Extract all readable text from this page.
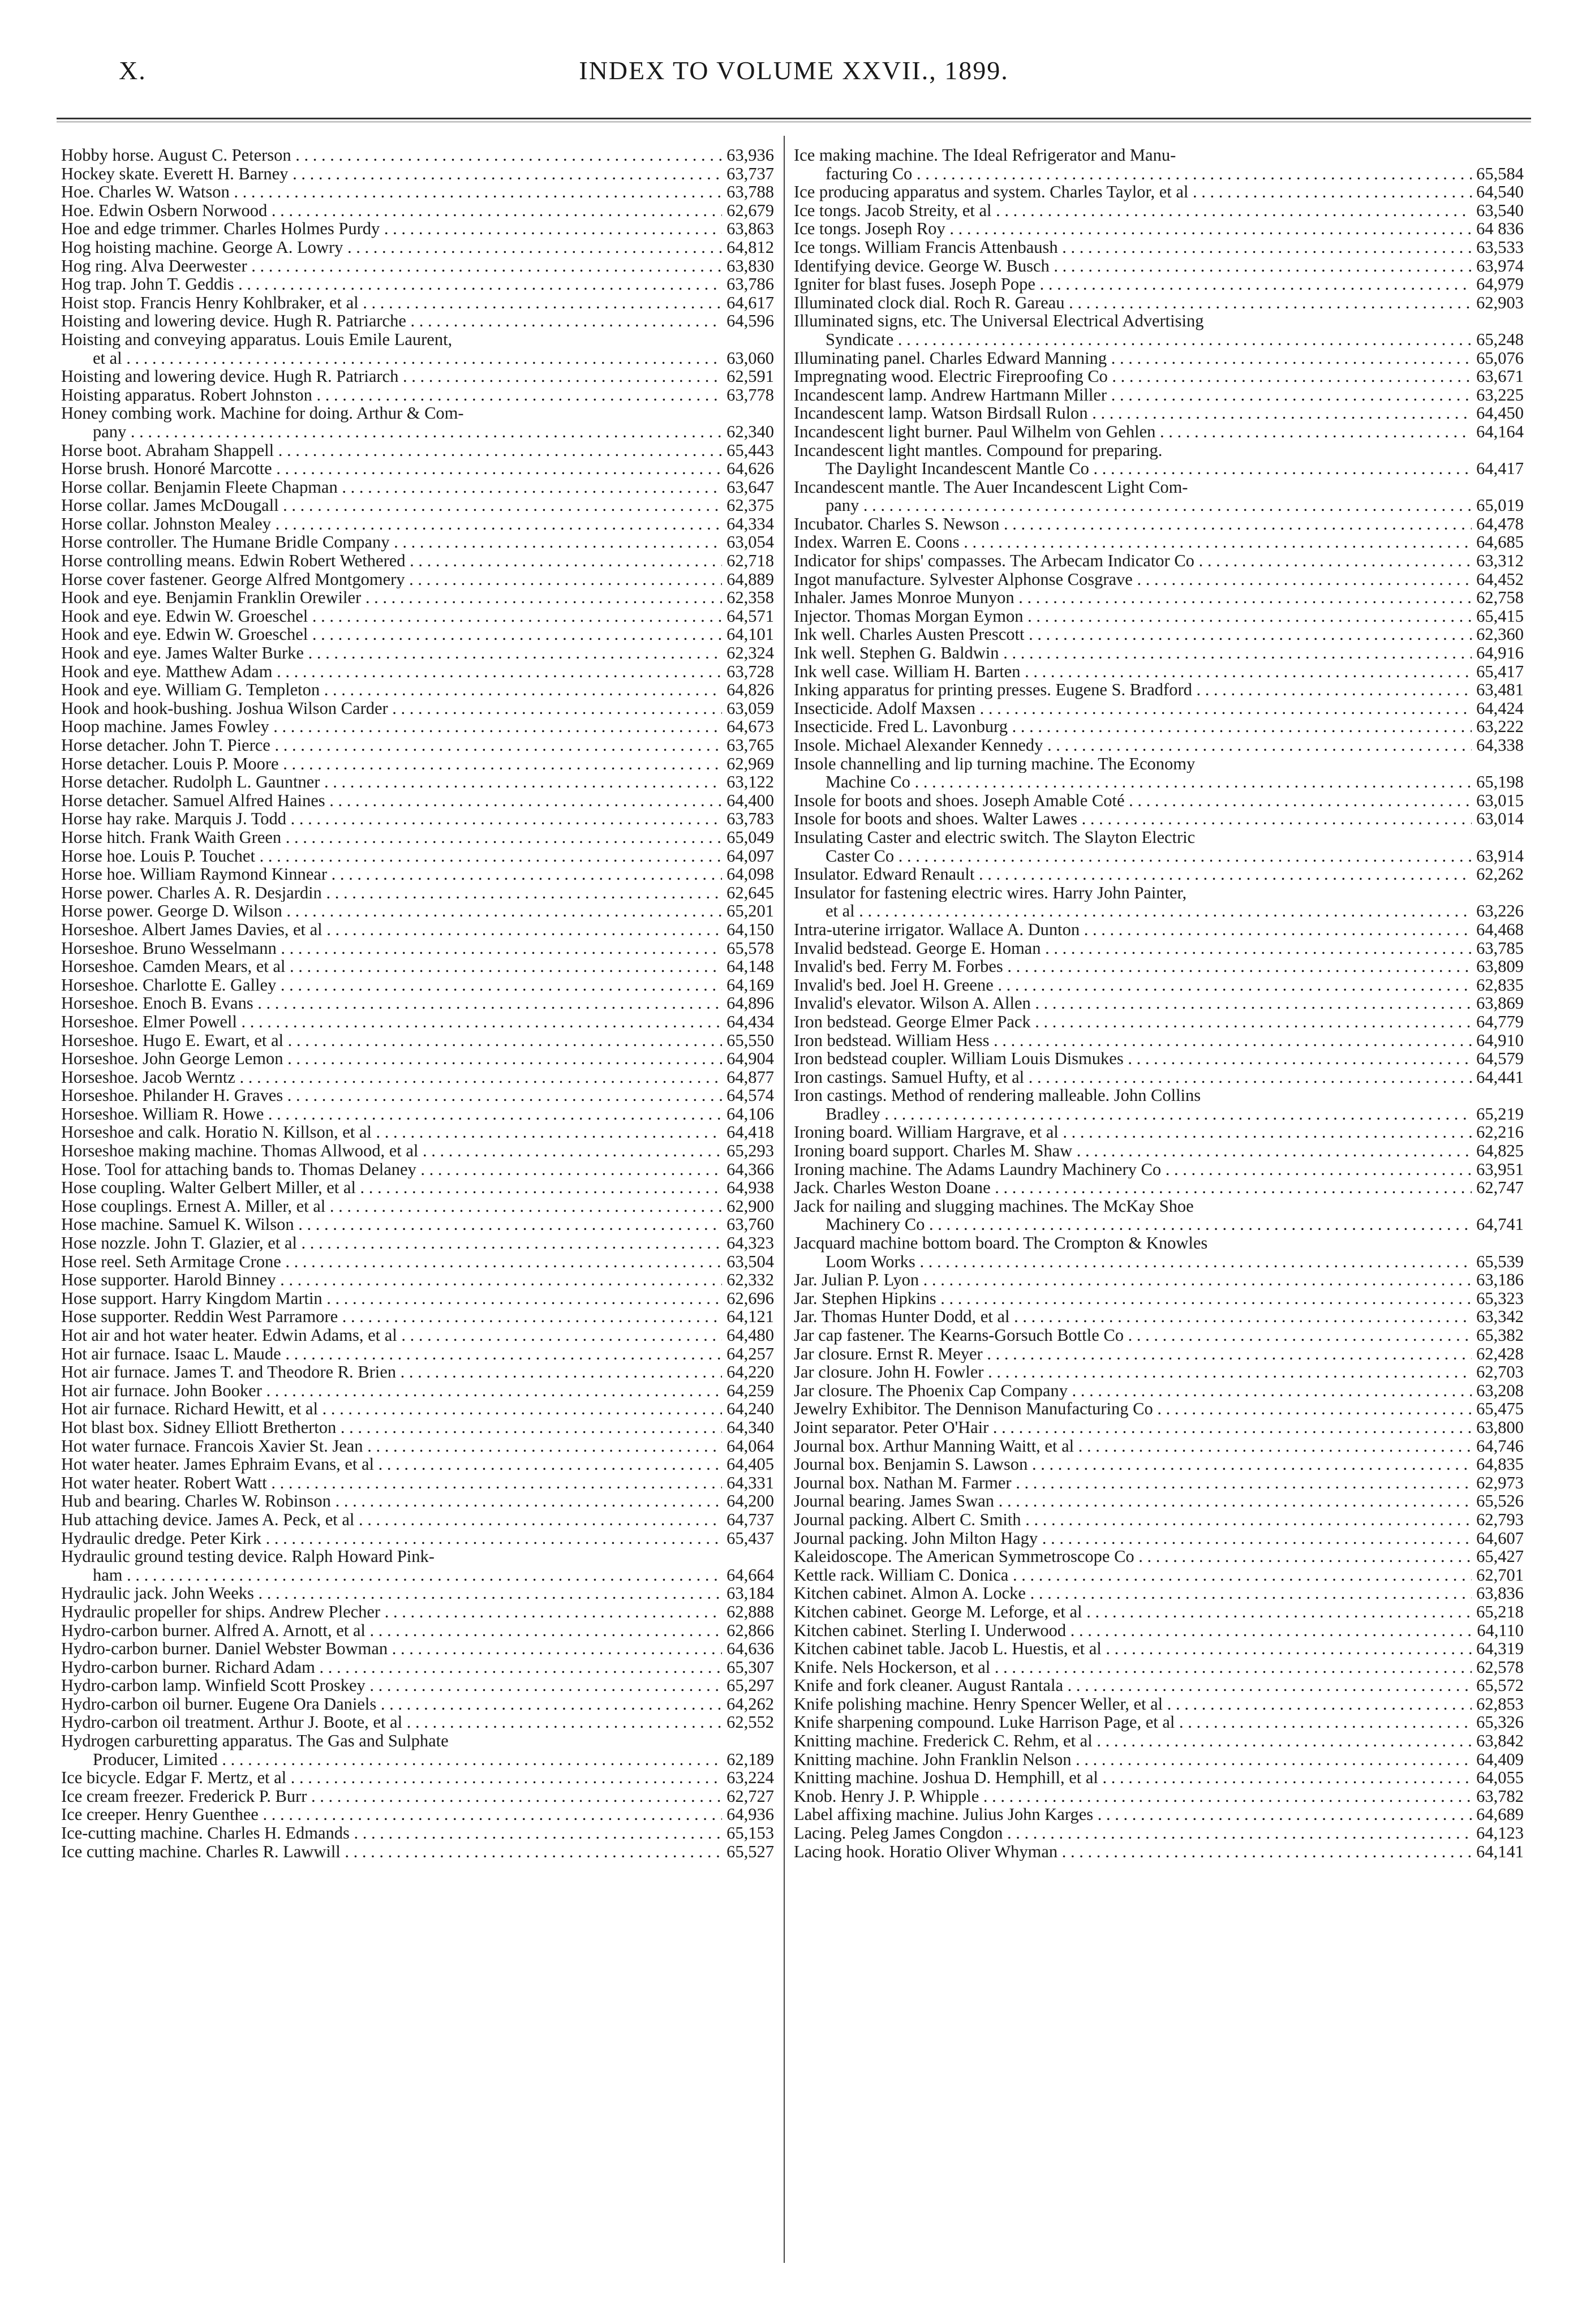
X.	INDEX TO VOLUME XXVII., 1899.
Hobby horse. August C. Peterson . . .	63,936
Hockey skate. Everett H. Barney . . .	63,737
Hoe. Charles W. Watson . . .	63,788
Hoe. Edwin Osbern Norwood . . .	62,679
Hoe and edge trimmer. Charles Holmes Purdy . . .	63,863
Hog hoisting machine. George A. Lowry . . .	64,812
Hog ring. Alva Deerwester . . .	63,830
Hog trap. John T. Geddis . . .	63,786
Hoist stop. Francis Henry Kohlbraker, et al . . .	64,617
Hoisting and lowering device. Hugh R. Patriarche . . .	64,596
Hoisting and conveying apparatus. Louis Emile Laurent,
et al . . .	63,060
Hoisting and lowering device. Hugh R. Patriarch . . .	62,591
Hoisting apparatus. Robert Johnston . . .	63,778
Honey combing work. Machine for doing. Arthur & Com-
pany . . .	62,340
Horse boot. Abraham Shappell . . .	65,443
Horse brush. Honoré Marcotte . . .	64,626
Horse collar. Benjamin Fleete Chapman . . .	63,647
Horse collar. James McDougall . . .	62,375
Horse collar. Johnston Mealey . . .	64,334
Horse controller. The Humane Bridle Company . . .	63,054
Horse controlling means. Edwin Robert Wethered . . .	62,718
Horse cover fastener. George Alfred Montgomery . . .	64,889
Hook and eye. Benjamin Franklin Orewiler . . .	62,358
Hook and eye. Edwin W. Groeschel . . .	64,571
Hook and eye. Edwin W. Groeschel . . .	64,101
Hook and eye. James Walter Burke . . .	62,324
Hook and eye. Matthew Adam . . .	63,728
Hook and eye. William G. Templeton . . .	64,826
Hook and hook-bushing. Joshua Wilson Carder . . .	63,059
Hoop machine. James Fowley . . .	64,673
Horse detacher. John T. Pierce . . .	63,765
Horse detacher. Louis P. Moore . . .	62,969
Horse detacher. Rudolph L. Gauntner . . .	63,122
Horse detacher. Samuel Alfred Haines . . .	64,400
Horse hay rake. Marquis J. Todd . . .	63,783
Horse hitch. Frank Waith Green . . .	65,049
Horse hoe. Louis P. Touchet . . .	64,097
Horse hoe. William Raymond Kinnear . . .	64,098
Horse power. Charles A. R. Desjardin . . .	62,645
Horse power. George D. Wilson . . .	65,201
Horseshoe. Albert James Davies, et al . . .	64,150
Horseshoe. Bruno Wesselmann . . .	65,578
Horseshoe. Camden Mears, et al . . .	64,148
Horseshoe. Charlotte E. Galley . . .	64,169
Horseshoe. Enoch B. Evans . . .	64,896
Horseshoe. Elmer Powell . . .	64,434
Horseshoe. Hugo E. Ewart, et al . . .	65,550
Horseshoe. John George Lemon . . .	64,904
Horseshoe. Jacob Werntz . . .	64,877
Horseshoe. Philander H. Graves . . .	64,574
Horseshoe. William R. Howe . . .	64,106
Horseshoe and calk. Horatio N. Killson, et al . . .	64,418
Horseshoe making machine. Thomas Allwood, et al . . .	65,293
Hose. Tool for attaching bands to. Thomas Delaney . . .	64,366
Hose coupling. Walter Gelbert Miller, et al . . .	64,938
Hose couplings. Ernest A. Miller, et al . . .	62,900
Hose machine. Samuel K. Wilson . . .	63,760
Hose nozzle. John T. Glazier, et al . . .	64,323
Hose reel. Seth Armitage Crone . . .	63,504
Hose supporter. Harold Binney . . .	62,332
Hose support. Harry Kingdom Martin . . .	62,696
Hose supporter. Reddin West Parramore . . .	64,121
Hot air and hot water heater. Edwin Adams, et al . . .	64,480
Hot air furnace. Isaac L. Maude . . .	64,257
Hot air furnace. James T. and Theodore R. Brien . . .	64,220
Hot air furnace. John Booker . . .	64,259
Hot air furnace. Richard Hewitt, et al . . .	64,240
Hot blast box. Sidney Elliott Bretherton . . .	64,340
Hot water furnace. Francois Xavier St. Jean . . .	64,064
Hot water heater. James Ephraim Evans, et al . . .	64,405
Hot water heater. Robert Watt . . .	64,331
Hub and bearing. Charles W. Robinson . . .	64,200
Hub attaching device. James A. Peck, et al . . .	64,737
Hydraulic dredge. Peter Kirk . . .	65,437
Hydraulic ground testing device. Ralph Howard Pink-
ham . . .	64,664
Hydraulic jack. John Weeks . . .	63,184
Hydraulic propeller for ships. Andrew Plecher . . .	62,888
Hydro-carbon burner. Alfred A. Arnott, et al . . .	62,866
Hydro-carbon burner. Daniel Webster Bowman . . .	64,636
Hydro-carbon burner. Richard Adam . . .	65,307
Hydro-carbon lamp. Winfield Scott Proskey . . .	65,297
Hydro-carbon oil burner. Eugene Ora Daniels . . .	64,262
Hydro-carbon oil treatment. Arthur J. Boote, et al . . .	62,552
Hydrogen carburetting apparatus. The Gas and Sulphate
Producer, Limited . . .	62,189
Ice bicycle. Edgar F. Mertz, et al . . .	63,224
Ice cream freezer. Frederick P. Burr . . .	62,727
Ice creeper. Henry Guenthee . . .	64,936
Ice-cutting machine. Charles H. Edmands . . .	65,153
Ice cutting machine. Charles R. Lawwill . . .	65,527
Ice making machine. The Ideal Refrigerator and Manu-
facturing Co . . .	65,584
Ice producing apparatus and system. Charles Taylor, et al . . .	64,540
Ice tongs. Jacob Streity, et al . . .	63,540
Ice tongs. Joseph Roy . . .	64 836
Ice tongs. William Francis Attenbaush . . .	63,533
Identifying device. George W. Busch . . .	63,974
Igniter for blast fuses. Joseph Pope . . .	64,979
Illuminated clock dial. Roch R. Gareau . . .	62,903
Illuminated signs, etc. The Universal Electrical Advertising
Syndicate . . .	65,248
Illuminating panel. Charles Edward Manning . . .	65,076
Impregnating wood. Electric Fireproofing Co . . .	63,671
Incandescent lamp. Andrew Hartmann Miller . . .	63,225
Incandescent lamp. Watson Birdsall Rulon . . .	64,450
Incandescent light burner. Paul Wilhelm von Gehlen . . .	64,164
Incandescent light mantles. Compound for preparing.
The Daylight Incandescent Mantle Co . . .	64,417
Incandescent mantle. The Auer Incandescent Light Com-
pany . . .	65,019
Incubator. Charles S. Newson . . .	64,478
Index. Warren E. Coons . . .	64,685
Indicator for ships' compasses. The Arbecam Indicator Co . . .	63,312
Ingot manufacture. Sylvester Alphonse Cosgrave . . .	64,452
Inhaler. James Monroe Munyon . . .	62,758
Injector. Thomas Morgan Eymon . . .	65,415
Ink well. Charles Austen Prescott . . .	62,360
Ink well. Stephen G. Baldwin . . .	64,916
Ink well case. William H. Barten . . .	65,417
Inking apparatus for printing presses. Eugene S. Bradford . . .	63,481
Insecticide. Adolf Maxsen . . .	64,424
Insecticide. Fred L. Lavonburg . . .	63,222
Insole. Michael Alexander Kennedy . . .	64,338
Insole channelling and lip turning machine. The Economy
Machine Co . . .	65,198
Insole for boots and shoes. Joseph Amable Coté . . .	63,015
Insole for boots and shoes. Walter Lawes . . .	63,014
Insulating Caster and electric switch. The Slayton Electric
Caster Co . . .	63,914
Insulator. Edward Renault . . .	62,262
Insulator for fastening electric wires. Harry John Painter,
et al . . .	63,226
Intra-uterine irrigator. Wallace A. Dunton . . .	64,468
Invalid bedstead. George E. Homan . . .	63,785
Invalid's bed. Ferry M. Forbes . . .	63,809
Invalid's bed. Joel H. Greene . . .	62,835
Invalid's elevator. Wilson A. Allen . . .	63,869
Iron bedstead. George Elmer Pack . . .	64,779
Iron bedstead. William Hess . . .	64,910
Iron bedstead coupler. William Louis Dismukes . . .	64,579
Iron castings. Samuel Hufty, et al . . .	64,441
Iron castings. Method of rendering malleable. John Collins
Bradley . . .	65,219
Ironing board. William Hargrave, et al . . .	62,216
Ironing board support. Charles M. Shaw . . .	64,825
Ironing machine. The Adams Laundry Machinery Co . . .	63,951
Jack. Charles Weston Doane . . .	62,747
Jack for nailing and slugging machines. The McKay Shoe
Machinery Co . . .	64,741
Jacquard machine bottom board. The Crompton & Knowles
Loom Works . . .	65,539
Jar. Julian P. Lyon . . .	63,186
Jar. Stephen Hipkins . . .	65,323
Jar. Thomas Hunter Dodd, et al . . .	63,342
Jar cap fastener. The Kearns-Gorsuch Bottle Co . . .	65,382
Jar closure. Ernst R. Meyer . . .	62,428
Jar closure. John H. Fowler . . .	62,703
Jar closure. The Phoenix Cap Company . . .	63,208
Jewelry Exhibitor. The Dennison Manufacturing Co . . .	65,475
Joint separator. Peter O'Hair . . .	63,800
Journal box. Arthur Manning Waitt, et al . . .	64,746
Journal box. Benjamin S. Lawson . . .	64,835
Journal box. Nathan M. Farmer . . .	62,973
Journal bearing. James Swan . . .	65,526
Journal packing. Albert C. Smith . . .	62,793
Journal packing. John Milton Hagy . . .	64,607
Kaleidoscope. The American Symmetroscope Co . . .	65,427
Kettle rack. William C. Donica . . .	62,701
Kitchen cabinet. Almon A. Locke . . .	63,836
Kitchen cabinet. George M. Leforge, et al . . .	65,218
Kitchen cabinet. Sterling I. Underwood . . .	64,110
Kitchen cabinet table. Jacob L. Huestis, et al . . .	64,319
Knife. Nels Hockerson, et al . . .	62,578
Knife and fork cleaner. August Rantala . . .	65,572
Knife polishing machine. Henry Spencer Weller, et al . . .	62,853
Knife sharpening compound. Luke Harrison Page, et al . . .	65,326
Knitting machine. Frederick C. Rehm, et al . . .	63,842
Knitting machine. John Franklin Nelson . . .	64,409
Knitting machine. Joshua D. Hemphill, et al . . .	64,055
Knob. Henry J. P. Whipple . . .	63,782
Label affixing machine. Julius John Karges . . .	64,689
Lacing. Peleg James Congdon . . .	64,123
Lacing hook. Horatio Oliver Whyman . . .	64,141
